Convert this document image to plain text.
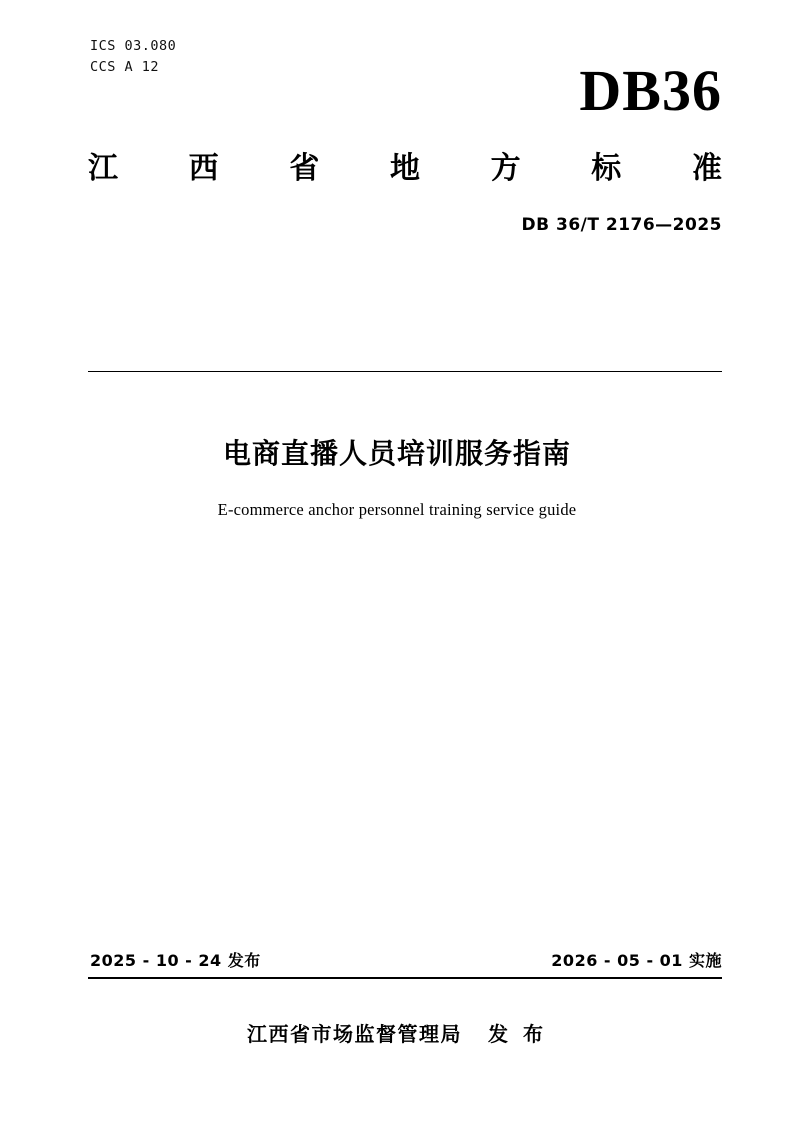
ICS 03.080
CCS A 12	DB36
江 西 省 地 方 标 准
DB 36/T 2176—2025
电商直播人员培训服务指南
E-commerce anchor personnel training service guide
2025 - 10 - 24 发布	2026 - 05 - 01 实施
江西省市场监督管理局 发 布
